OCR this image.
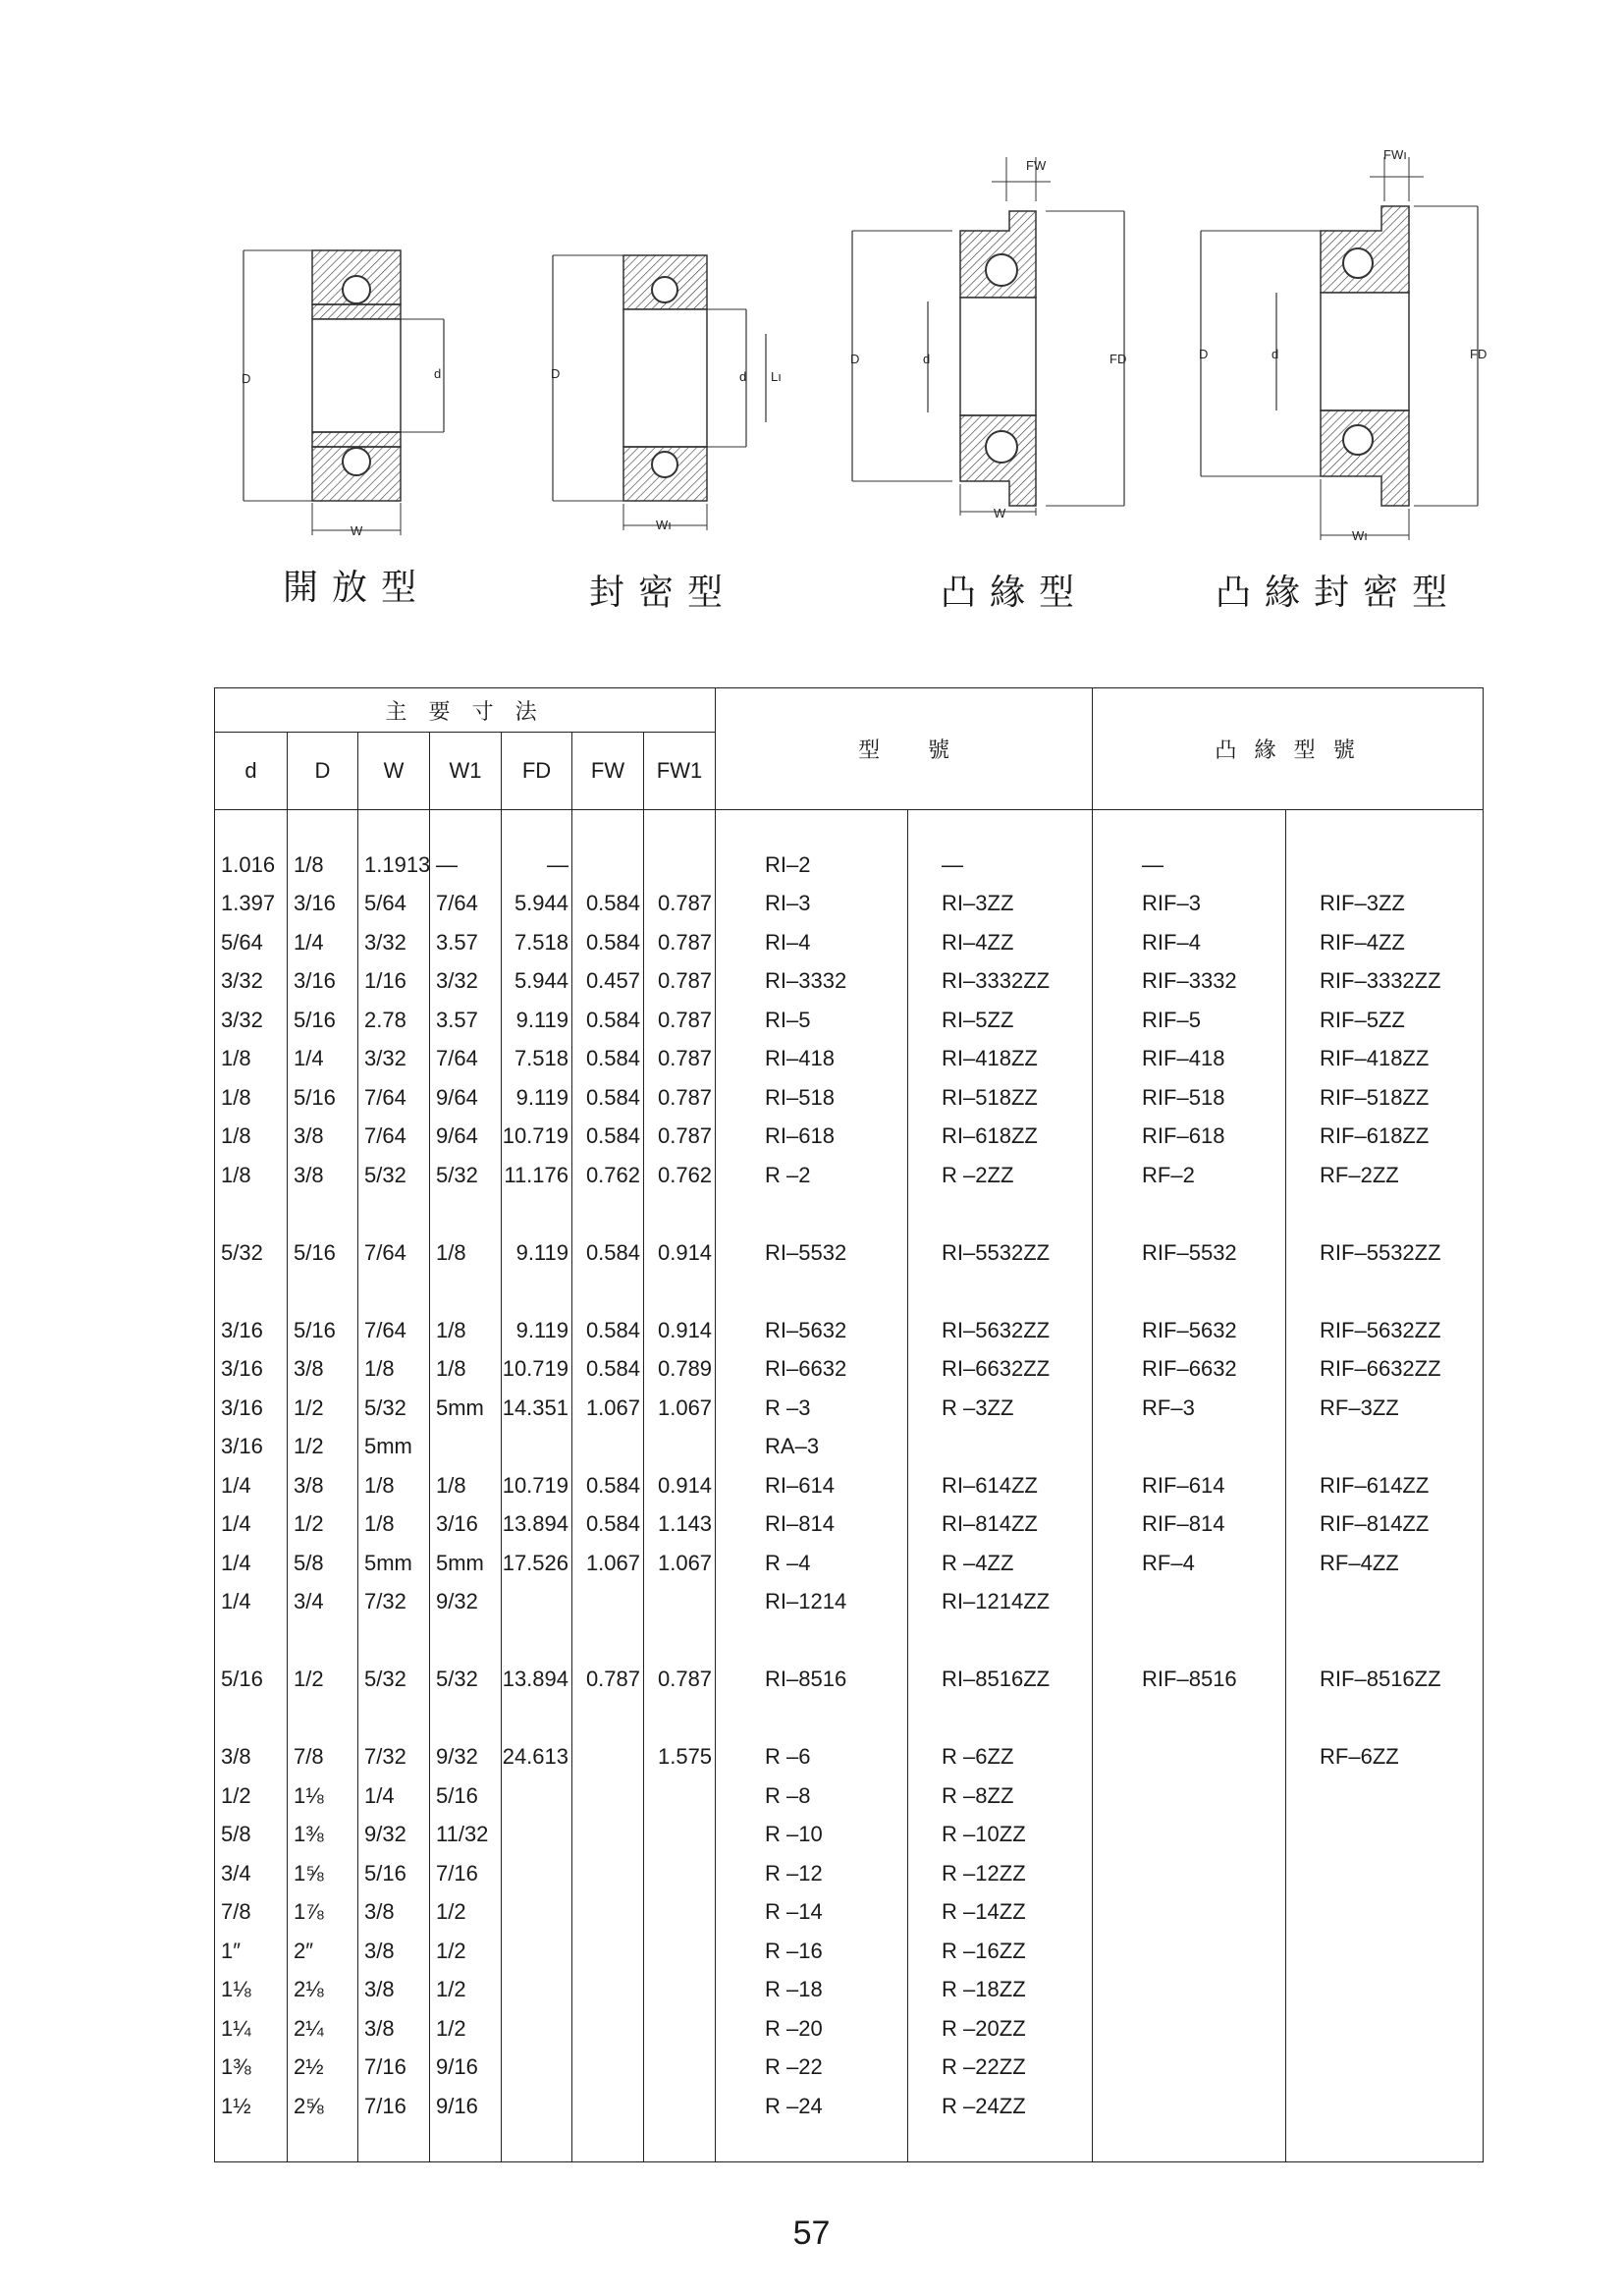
D	d
W
開放型
D	d Lı
Wı
封密型
FW
D	d	FD
W
凸緣型
FWı
D	d	FD
Wı
凸緣封密型
主 要 寸 法							型        號		凸 緣 型 號	
d	D	W	W1	FD	FW	FW1				

1.016	1/8	1.1913	—	—			RI–2	—	—	
1.397	3/16	5/64	7/64	5.944	0.584	0.787	RI–3	RI–3ZZ	RIF–3	RIF–3ZZ
5/64	1/4	3/32	3.57	7.518	0.584	0.787	RI–4	RI–4ZZ	RIF–4	RIF–4ZZ
3/32	3/16	1/16	3/32	5.944	0.457	0.787	RI–3332	RI–3332ZZ	RIF–3332	RIF–3332ZZ
3/32	5/16	2.78	3.57	9.119	0.584	0.787	RI–5	RI–5ZZ	RIF–5	RIF–5ZZ
1/8	1/4	3/32	7/64	7.518	0.584	0.787	RI–418	RI–418ZZ	RIF–418	RIF–418ZZ
1/8	5/16	7/64	9/64	9.119	0.584	0.787	RI–518	RI–518ZZ	RIF–518	RIF–518ZZ
1/8	3/8	7/64	9/64	10.719	0.584	0.787	RI–618	RI–618ZZ	RIF–618	RIF–618ZZ
1/8	3/8	5/32	5/32	11.176	0.762	0.762	R –2	R –2ZZ	RF–2	RF–2ZZ

5/32	5/16	7/64	1/8	9.119	0.584	0.914	RI–5532	RI–5532ZZ	RIF–5532	RIF–5532ZZ

3/16	5/16	7/64	1/8	9.119	0.584	0.914	RI–5632	RI–5632ZZ	RIF–5632	RIF–5632ZZ
3/16	3/8	1/8	1/8	10.719	0.584	0.789	RI–6632	RI–6632ZZ	RIF–6632	RIF–6632ZZ
3/16	1/2	5/32	5mm	14.351	1.067	1.067	R –3	R –3ZZ	RF–3	RF–3ZZ
3/16	1/2	5mm					RA–3			
1/4	3/8	1/8	1/8	10.719	0.584	0.914	RI–614	RI–614ZZ	RIF–614	RIF–614ZZ
1/4	1/2	1/8	3/16	13.894	0.584	1.143	RI–814	RI–814ZZ	RIF–814	RIF–814ZZ
1/4	5/8	5mm	5mm	17.526	1.067	1.067	R –4	R –4ZZ	RF–4	RF–4ZZ
1/4	3/4	7/32	9/32				RI–1214	RI–1214ZZ		

5/16	1/2	5/32	5/32	13.894	0.787	0.787	RI–8516	RI–8516ZZ	RIF–8516	RIF–8516ZZ

3/8	7/8	7/32	9/32	24.613		1.575	R –6	R –6ZZ		RF–6ZZ
1/2	1⅛	1/4	5/16				R –8	R –8ZZ		
5/8	1⅜	9/32	11/32				R –10	R –10ZZ		
3/4	1⅝	5/16	7/16				R –12	R –12ZZ		
7/8	1⅞	3/8	1/2				R –14	R –14ZZ		
1″	2″	3/8	1/2				R –16	R –16ZZ		
1⅛	2⅛	3/8	1/2				R –18	R –18ZZ		
1¼	2¼	3/8	1/2				R –20	R –20ZZ		
1⅜	2½	7/16	9/16				R –22	R –22ZZ		
1½	2⅝	7/16	9/16				R –24	R –24ZZ		

57
